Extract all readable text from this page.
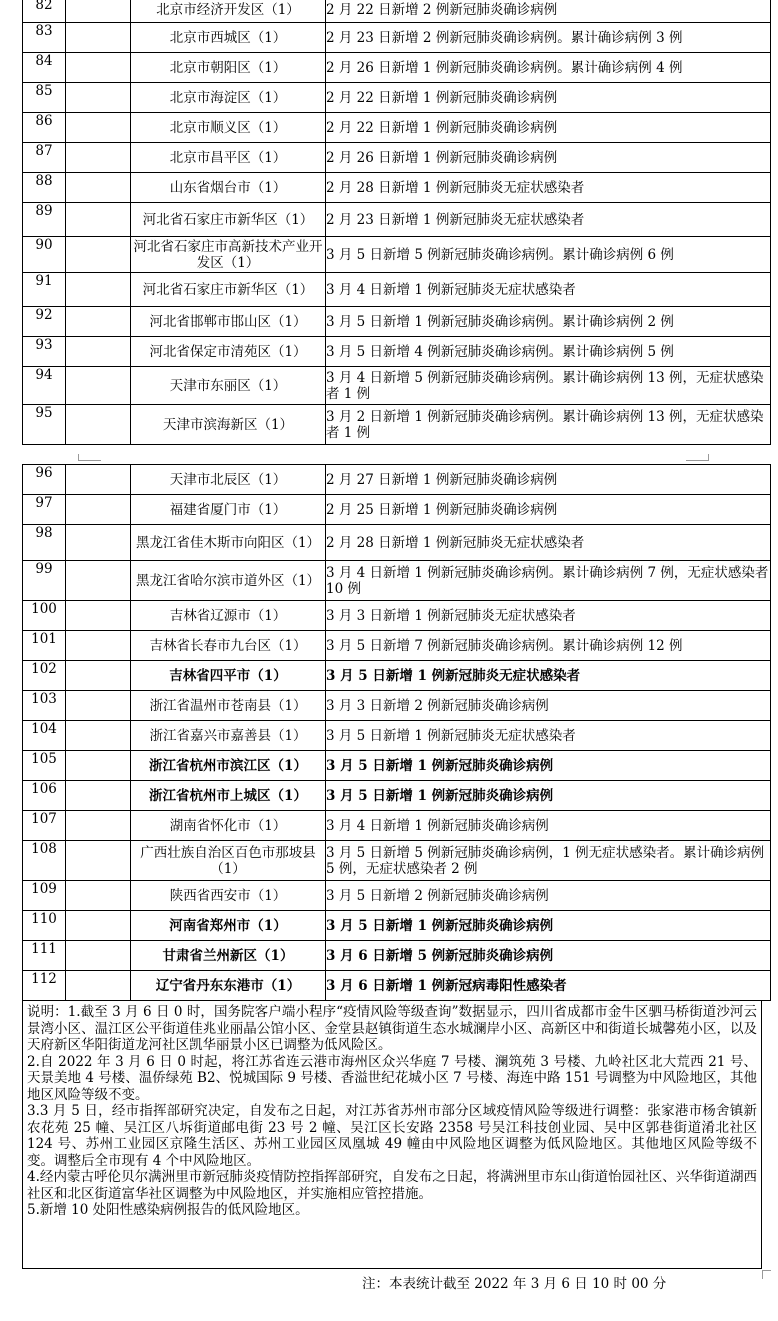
82		北京市经济开发区（1）	2 月 22 日新增 2 例新冠肺炎确诊病例
83		北京市西城区（1）	2 月 23 日新增 2 例新冠肺炎确诊病例。累计确诊病例 3 例
84		北京市朝阳区（1）	2 月 26 日新增 1 例新冠肺炎确诊病例。累计确诊病例 4 例
85		北京市海淀区（1）	2 月 22 日新增 1 例新冠肺炎确诊病例
86		北京市顺义区（1）	2 月 22 日新增 1 例新冠肺炎确诊病例
87		北京市昌平区（1）	2 月 26 日新增 1 例新冠肺炎确诊病例
88		山东省烟台市（1）	2 月 28 日新增 1 例新冠肺炎无症状感染者
89		河北省石家庄市新华区（1）	2 月 23 日新增 1 例新冠肺炎无症状感染者
90		河北省石家庄市高新技术产业开发区（1）	3 月 5 日新增 5 例新冠肺炎确诊病例。累计确诊病例 6 例
91		河北省石家庄市新华区（1）	3 月 4 日新增 1 例新冠肺炎无症状感染者
92		河北省邯郸市邯山区（1）	3 月 5 日新增 1 例新冠肺炎确诊病例。累计确诊病例 2 例
93		河北省保定市清苑区（1）	3 月 5 日新增 4 例新冠肺炎确诊病例。累计确诊病例 5 例
94		天津市东丽区（1）	3 月 4 日新增 5 例新冠肺炎确诊病例。累计确诊病例 13 例，无症状感染者 1 例
95		天津市滨海新区（1）	3 月 2 日新增 1 例新冠肺炎确诊病例。累计确诊病例 13 例，无症状感染者 1 例
96		天津市北辰区（1）	2 月 27 日新增 1 例新冠肺炎确诊病例
97		福建省厦门市（1）	2 月 25 日新增 1 例新冠肺炎确诊病例
98		黑龙江省佳木斯市向阳区（1）	2 月 28 日新增 1 例新冠肺炎无症状感染者
99		黑龙江省哈尔滨市道外区（1）	3 月 4 日新增 1 例新冠肺炎确诊病例。累计确诊病例 7 例，无症状感染者 10 例
100		吉林省辽源市（1）	3 月 3 日新增 1 例新冠肺炎无症状感染者
101		吉林省长春市九台区（1）	3 月 5 日新增 7 例新冠肺炎确诊病例。累计确诊病例 12 例
102		吉林省四平市（1）	3 月 5 日新增 1 例新冠肺炎无症状感染者
103		浙江省温州市苍南县（1）	3 月 3 日新增 2 例新冠肺炎确诊病例
104		浙江省嘉兴市嘉善县（1）	3 月 5 日新增 1 例新冠肺炎无症状感染者
105		浙江省杭州市滨江区（1）	3 月 5 日新增 1 例新冠肺炎确诊病例
106		浙江省杭州市上城区（1）	3 月 5 日新增 1 例新冠肺炎确诊病例
107		湖南省怀化市（1）	3 月 4 日新增 1 例新冠肺炎确诊病例
108		广西壮族自治区百色市那坡县（1）	3 月 5 日新增 5 例新冠肺炎确诊病例，1 例无症状感染者。累计确诊病例 5 例，无症状感染者 2 例
109		陕西省西安市（1）	3 月 5 日新增 2 例新冠肺炎确诊病例
110		河南省郑州市（1）	3 月 5 日新增 1 例新冠肺炎确诊病例
111		甘肃省兰州新区（1）	3 月 6 日新增 5 例新冠肺炎确诊病例
112		辽宁省丹东东港市（1）	3 月 6 日新增 1 例新冠病毒阳性感染者

说明：1.截至 3 月 6 日 0 时，国务院客户端小程序“疫情风险等级查询”数据显示，四川省成都市金牛区驷马桥街道沙河云景湾小区、温江区公平街道佳兆业丽晶公馆小区、金堂县赵镇街道生态水城澜岸小区、高新区中和街道长城馨苑小区，以及天府新区华阳街道龙河社区凯华丽景小区已调整为低风险区。

2.自 2022 年 3 月 6 日 0 时起，将江苏省连云港市海州区众兴华庭 7 号楼、澜筑苑 3 号楼、九岭社区北大荒西 21 号、天景美地 4 号楼、温侨绿苑 B2、悦城国际 9 号楼、香溢世纪花城小区 7 号楼、海连中路 151 号调整为中风险地区，其他地区风险等级不变。

3.3 月 5 日，经市指挥部研究决定，自发布之日起，对江苏省苏州市部分区域疫情风险等级进行调整：张家港市杨舍镇新农花苑 25 幢、吴江区八坼街道邮电街 23 号 2 幢、吴江区长安路 2358 号吴江科技创业园、吴中区郭巷街道淆北社区 124 号、苏州工业园区京隆生活区、苏州工业园区凤凰城 49 幢由中风险地区调整为低风险地区。其他地区风险等级不变。调整后全市现有 4 个中风险地区。

4.经内蒙古呼伦贝尔满洲里市新冠肺炎疫情防控指挥部研究，自发布之日起，将满洲里市东山街道怡园社区、兴华街道湖西社区和北区街道富华社区调整为中风险地区，并实施相应管控措施。

5.新增 10 处阳性感染病例报告的低风险地区。

注：本表统计截至 2022 年 3 月 6 日 10 时 00 分
